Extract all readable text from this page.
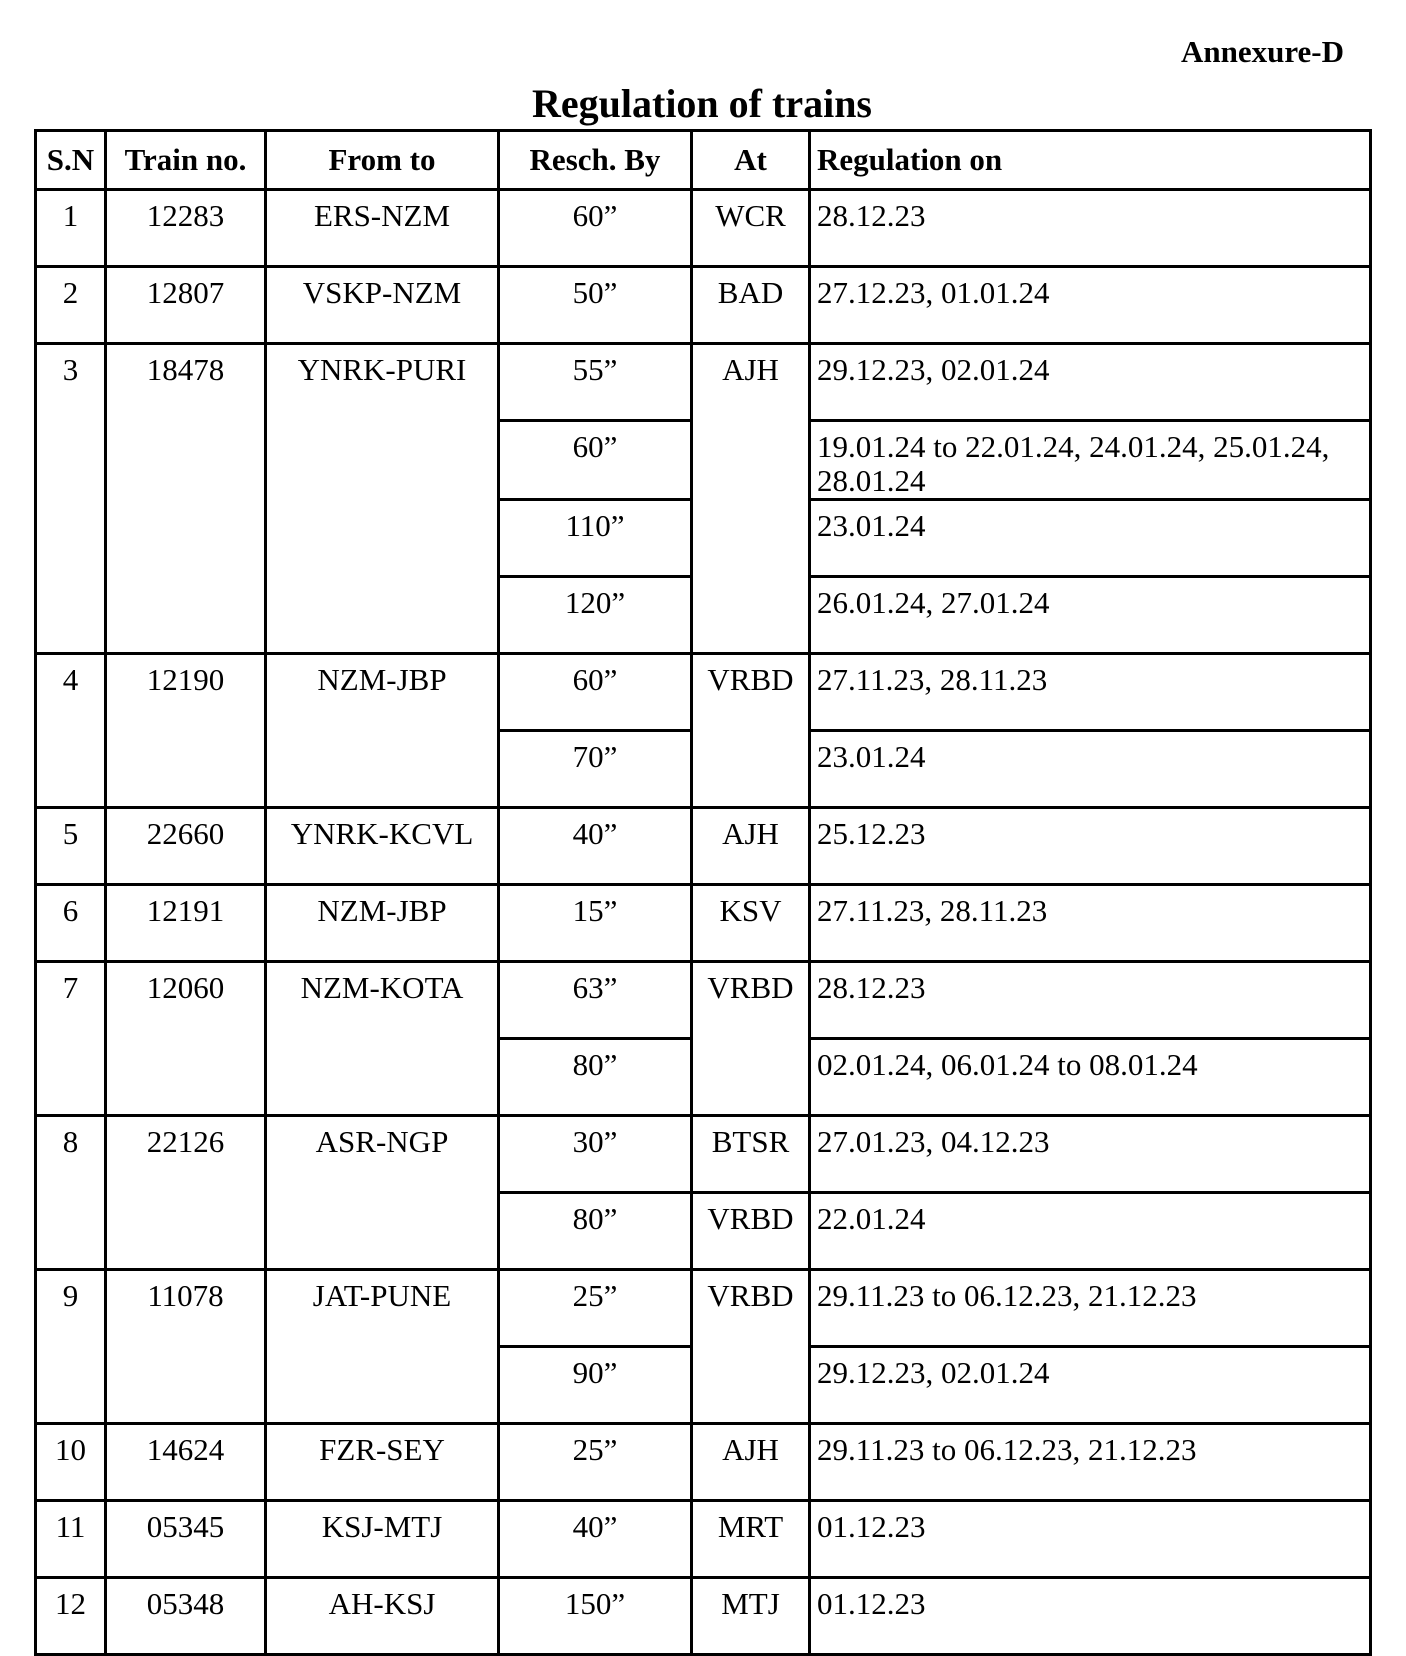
Annexure-D
Regulation of trains
S.N	Train no.	From to	Resch. By	At	Regulation on
1	12283	ERS-NZM	60”	WCR	28.12.23
2	12807	VSKP-NZM	50”	BAD	27.12.23, 01.01.24
3	18478	YNRK-PURI	55”	AJH	29.12.23, 02.01.24
			60”		19.01.24 to 22.01.24, 24.01.24, 25.01.24, 28.01.24
			110”		23.01.24
			120”		26.01.24, 27.01.24
4	12190	NZM-JBP	60”	VRBD	27.11.23, 28.11.23
			70”		23.01.24
5	22660	YNRK-KCVL	40”	AJH	25.12.23
6	12191	NZM-JBP	15”	KSV	27.11.23, 28.11.23
7	12060	NZM-KOTA	63”	VRBD	28.12.23
			80”		02.01.24, 06.01.24 to 08.01.24
8	22126	ASR-NGP	30”	BTSR	27.01.23, 04.12.23
			80”	VRBD	22.01.24
9	11078	JAT-PUNE	25”	VRBD	29.11.23 to 06.12.23, 21.12.23
			90”		29.12.23, 02.01.24
10	14624	FZR-SEY	25”	AJH	29.11.23 to 06.12.23, 21.12.23
11	05345	KSJ-MTJ	40”	MRT	01.12.23
12	05348	AH-KSJ	150”	MTJ	01.12.23
